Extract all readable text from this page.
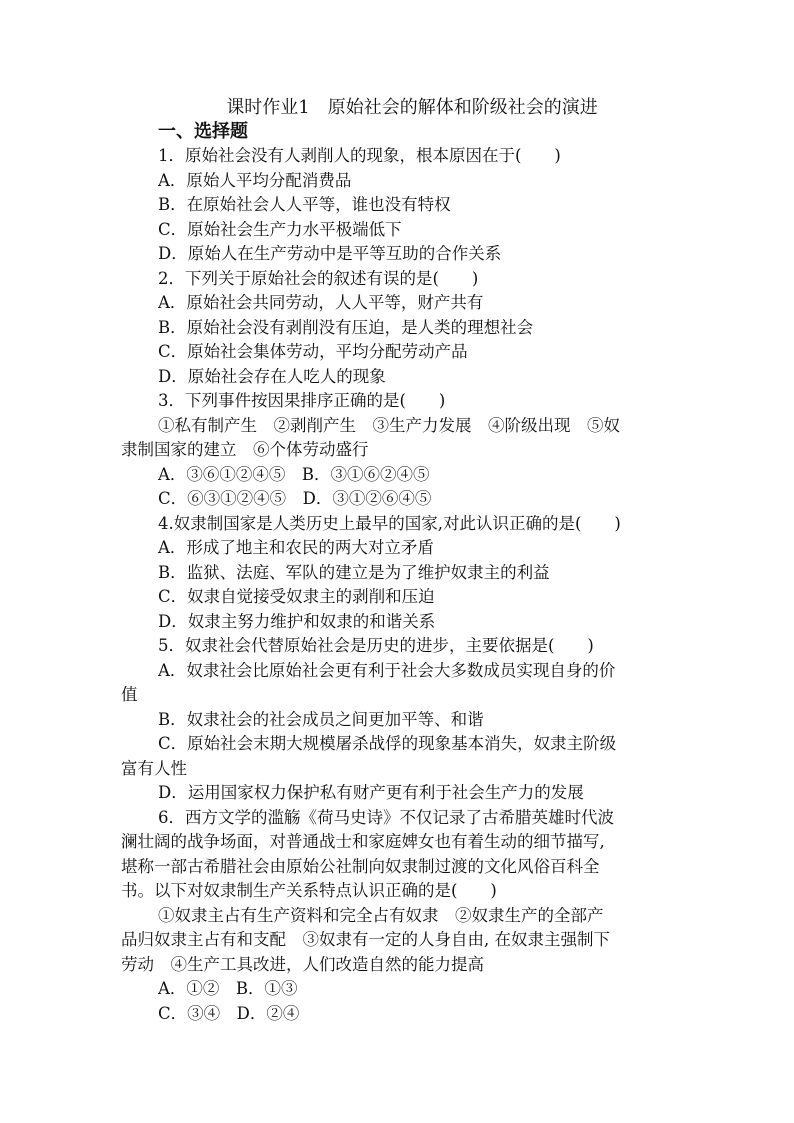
课时作业1　原始社会的解体和阶级社会的演进
一、选择题
1．原始社会没有人剥削人的现象，根本原因在于(　　)
A．原始人平均分配消费品
B．在原始社会人人平等，谁也没有特权
C．原始社会生产力水平极端低下
D．原始人在生产劳动中是平等互助的合作关系
2．下列关于原始社会的叙述有误的是(　　)
A．原始社会共同劳动，人人平等，财产共有
B．原始社会没有剥削没有压迫，是人类的理想社会
C．原始社会集体劳动，平均分配劳动产品
D．原始社会存在人吃人的现象
3．下列事件按因果排序正确的是(　　)
①私有制产生　②剥削产生　③生产力发展　④阶级出现　⑤奴
隶制国家的建立　⑥个体劳动盛行
A．③⑥①②④⑤　B．③①⑥②④⑤
C．⑥③①②④⑤　D．③①②⑥④⑤
4.奴隶制国家是人类历史上最早的国家,对此认识正确的是(　　)
A．形成了地主和农民的两大对立矛盾
B．监狱、法庭、军队的建立是为了维护奴隶主的利益
C．奴隶自觉接受奴隶主的剥削和压迫
D．奴隶主努力维护和奴隶的和谐关系
5．奴隶社会代替原始社会是历史的进步，主要依据是(　　)
A．奴隶社会比原始社会更有利于社会大多数成员实现自身的价
值
B．奴隶社会的社会成员之间更加平等、和谐
C．原始社会末期大规模屠杀战俘的现象基本消失，奴隶主阶级
富有人性
D．运用国家权力保护私有财产更有利于社会生产力的发展
6．西方文学的滥觞《荷马史诗》不仅记录了古希腊英雄时代波
澜壮阔的战争场面，对普通战士和家庭婢女也有着生动的细节描写,
堪称一部古希腊社会由原始公社制向奴隶制过渡的文化风俗百科全
书。以下对奴隶制生产关系特点认识正确的是(　　)
①奴隶主占有生产资料和完全占有奴隶　②奴隶生产的全部产
品归奴隶主占有和支配　③奴隶有一定的人身自由, 在奴隶主强制下
劳动　④生产工具改进，人们改造自然的能力提高
A．①②　B．①③
C．③④　D．②④
